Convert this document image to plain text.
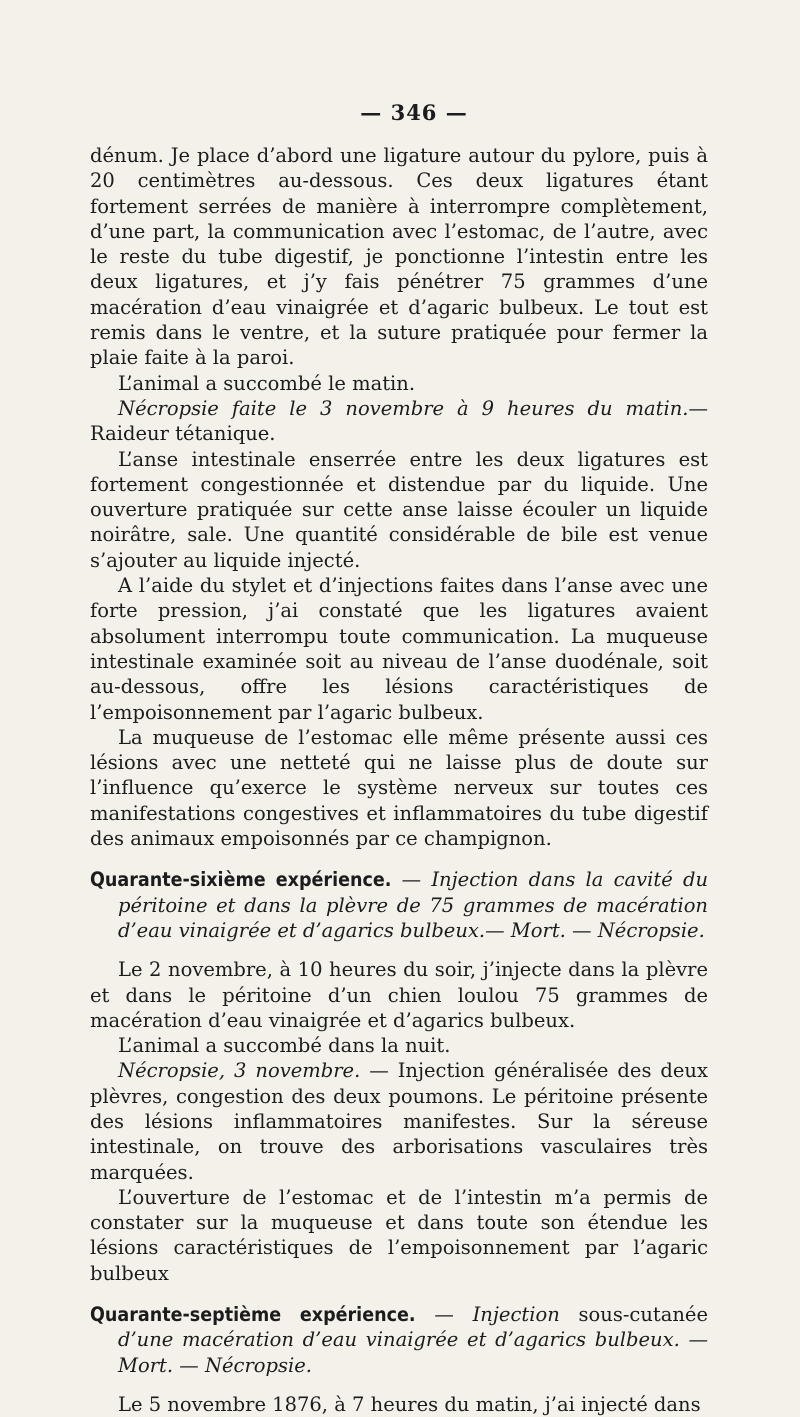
— 346 —

dénum. Je place d’abord une ligature autour du pylore, puis à 20 centimètres au-dessous. Ces deux ligatures étant fortement serrées de manière à interrompre complètement, d’une part, la communication avec l’estomac, de l’autre, avec le reste du tube digestif, je ponctionne l’intestin entre les deux ligatures, et j’y fais pénétrer 75 grammes d’une macération d’eau vinaigrée et d’agaric bulbeux. Le tout est remis dans le ventre, et la suture pratiquée pour fermer la plaie faite à la paroi.

L’animal a succombé le matin.

Nécropsie faite le 3 novembre à 9 heures du matin.— Raideur tétanique.

L’anse intestinale enserrée entre les deux ligatures est fortement congestionnée et distendue par du liquide. Une ouverture pratiquée sur cette anse laisse écouler un liquide noirâtre, sale. Une quantité considérable de bile est venue s’ajouter au liquide injecté.

A l’aide du stylet et d’injections faites dans l’anse avec une forte pression, j’ai constaté que les ligatures avaient absolument interrompu toute communication. La muqueuse intestinale examinée soit au niveau de l’anse duodénale, soit au-dessous, offre les lésions caractéristiques de l’empoisonnement par l’agaric bulbeux.

La muqueuse de l’estomac elle même présente aussi ces lésions avec une netteté qui ne laisse plus de doute sur l’influence qu’exerce le système nerveux sur toutes ces manifestations congestives et inflammatoires du tube digestif des animaux empoisonnés par ce champignon.

Quarante-sixième expérience. — Injection dans la cavité du péritoine et dans la plèvre de 75 grammes de macération d’eau vinaigrée et d’agarics bulbeux.— Mort. — Nécropsie.

Le 2 novembre, à 10 heures du soir, j’injecte dans la plèvre et dans le péritoine d’un chien loulou 75 grammes de macération d’eau vinaigrée et d’agarics bulbeux.

L’animal a succombé dans la nuit.

Nécropsie, 3 novembre. — Injection généralisée des deux plèvres, congestion des deux poumons. Le péritoine présente des lésions inflammatoires manifestes. Sur la séreuse intestinale, on trouve des arborisations vasculaires très marquées.

L’ouverture de l’estomac et de l’intestin m’a permis de constater sur la muqueuse et dans toute son étendue les lésions caractéristiques de l’empoisonnement par l’agaric bulbeux

Quarante-septième expérience. — Injection sous-cutanée d’une macération d’eau vinaigrée et d’agarics bulbeux. —Mort. — Nécropsie.

Le 5 novembre 1876, à 7 heures du matin, j’ai injecté dans
